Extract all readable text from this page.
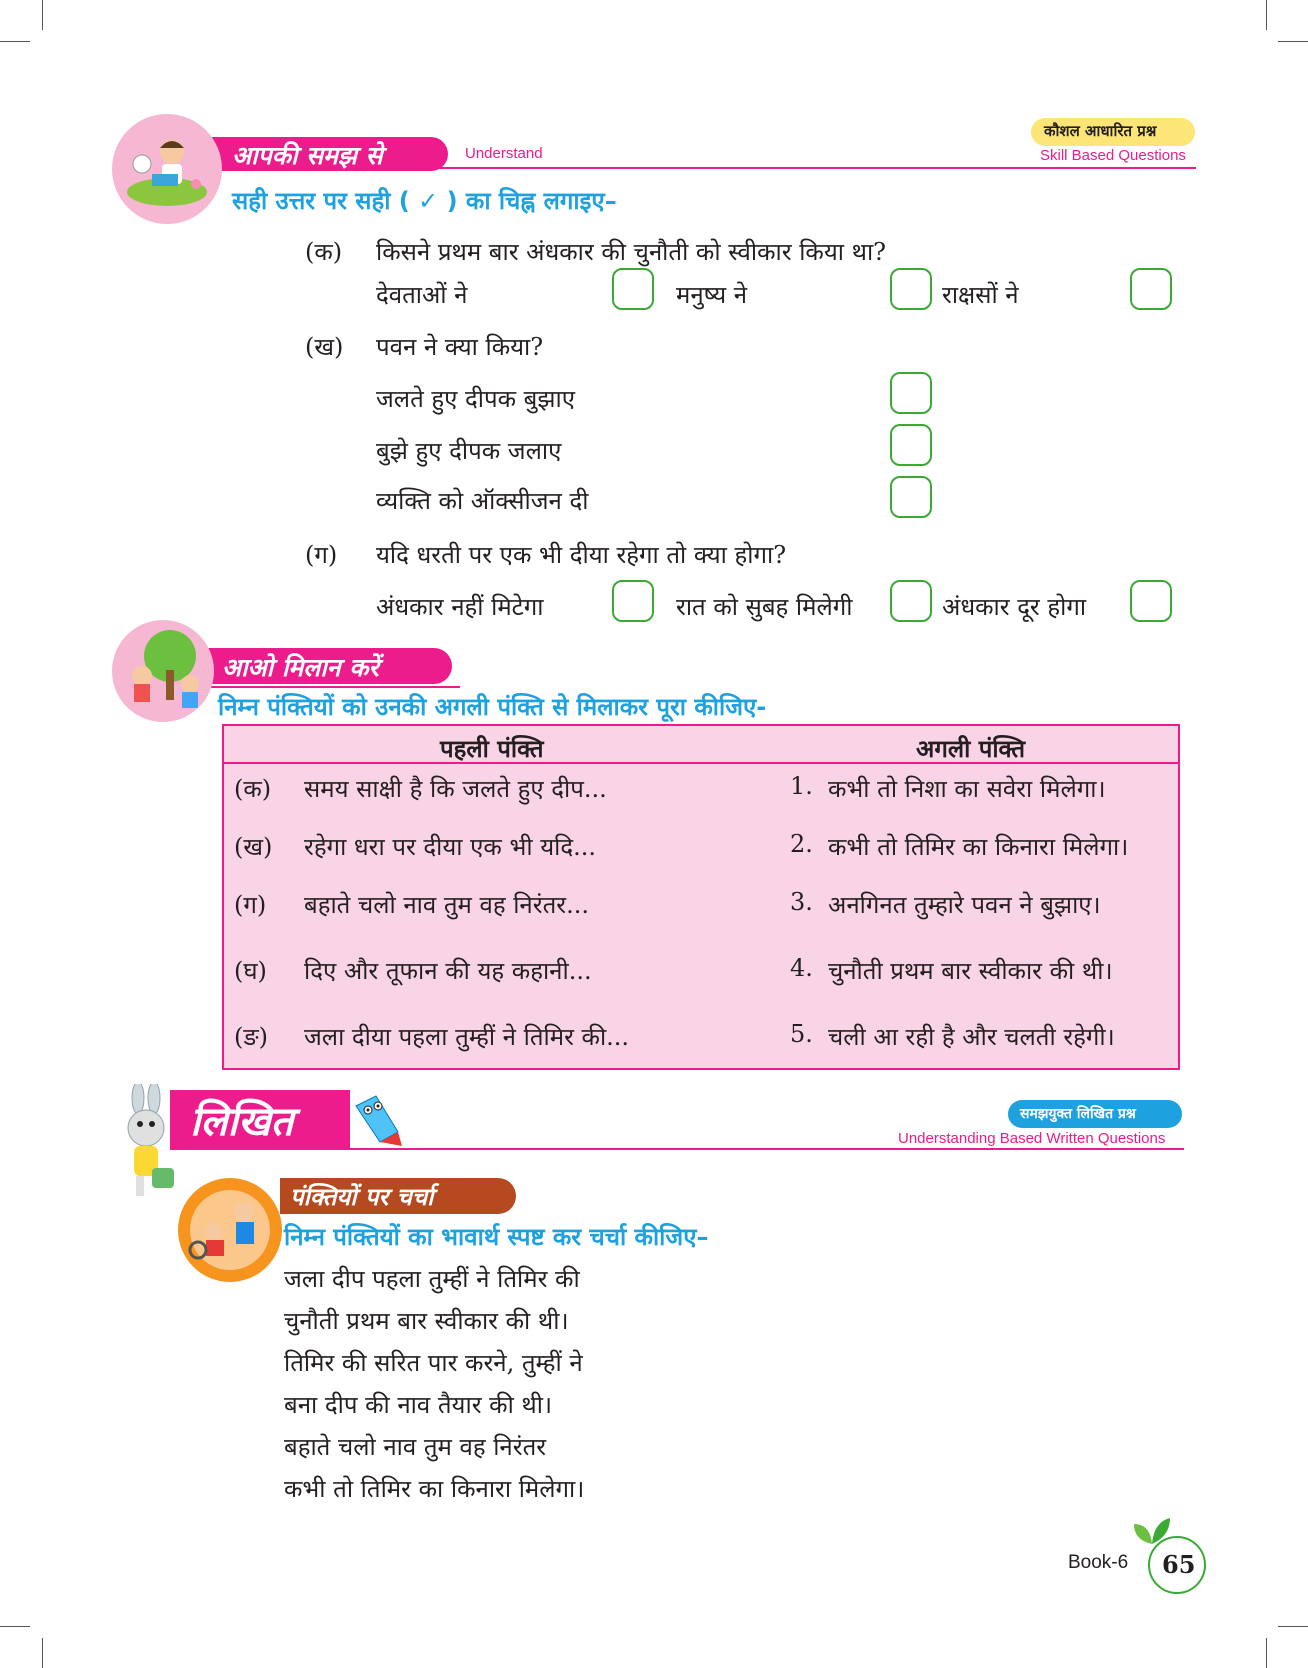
आपकी समझ से	Understand
कौशल आधारित प्रश्न
Skill Based Questions
सही उत्तर पर सही ( ✓ ) का चिह्न लगाइए–
(क) किसने प्रथम बार अंधकार की चुनौती को स्वीकार किया था?
देवताओं ने	मनुष्य ने	राक्षसों ने
(ख) पवन ने क्या किया?
जलते हुए दीपक बुझाए
बुझे हुए दीपक जलाए
व्यक्ति को ऑक्सीजन दी
(ग) यदि धरती पर एक भी दीया रहेगा तो क्या होगा?
अंधकार नहीं मिटेगा	रात को सुबह मिलेगी	अंधकार दूर होगा
आओ मिलान करें
निम्न पंक्तियों को उनकी अगली पंक्ति से मिलाकर पूरा कीजिए-
पहली पंक्ति	अगली पंक्ति
(क) समय साक्षी है कि जलते हुए दीप...	1. कभी तो निशा का सवेरा मिलेगा।
(ख) रहेगा धरा पर दीया एक भी यदि...	2. कभी तो तिमिर का किनारा मिलेगा।
(ग) बहाते चलो नाव तुम वह निरंतर...	3. अनगिनत तुम्हारे पवन ने बुझाए।
(घ) दिए और तूफान की यह कहानी...	4. चुनौती प्रथम बार स्वीकार की थी।
(ङ) जला दीया पहला तुम्हीं ने तिमिर की...	5. चली आ रही है और चलती रहेगी।
लिखित	समझयुक्त लिखित प्रश्न
Understanding Based Written Questions
पंक्तियों पर चर्चा
निम्न पंक्तियों का भावार्थ स्पष्ट कर चर्चा कीजिए–
जला दीप पहला तुम्हीं ने तिमिर की
चुनौती प्रथम बार स्वीकार की थी।
तिमिर की सरित पार करने, तुम्हीं ने
बना दीप की नाव तैयार की थी।
बहाते चलो नाव तुम वह निरंतर
कभी तो तिमिर का किनारा मिलेगा।
Book-6 65
